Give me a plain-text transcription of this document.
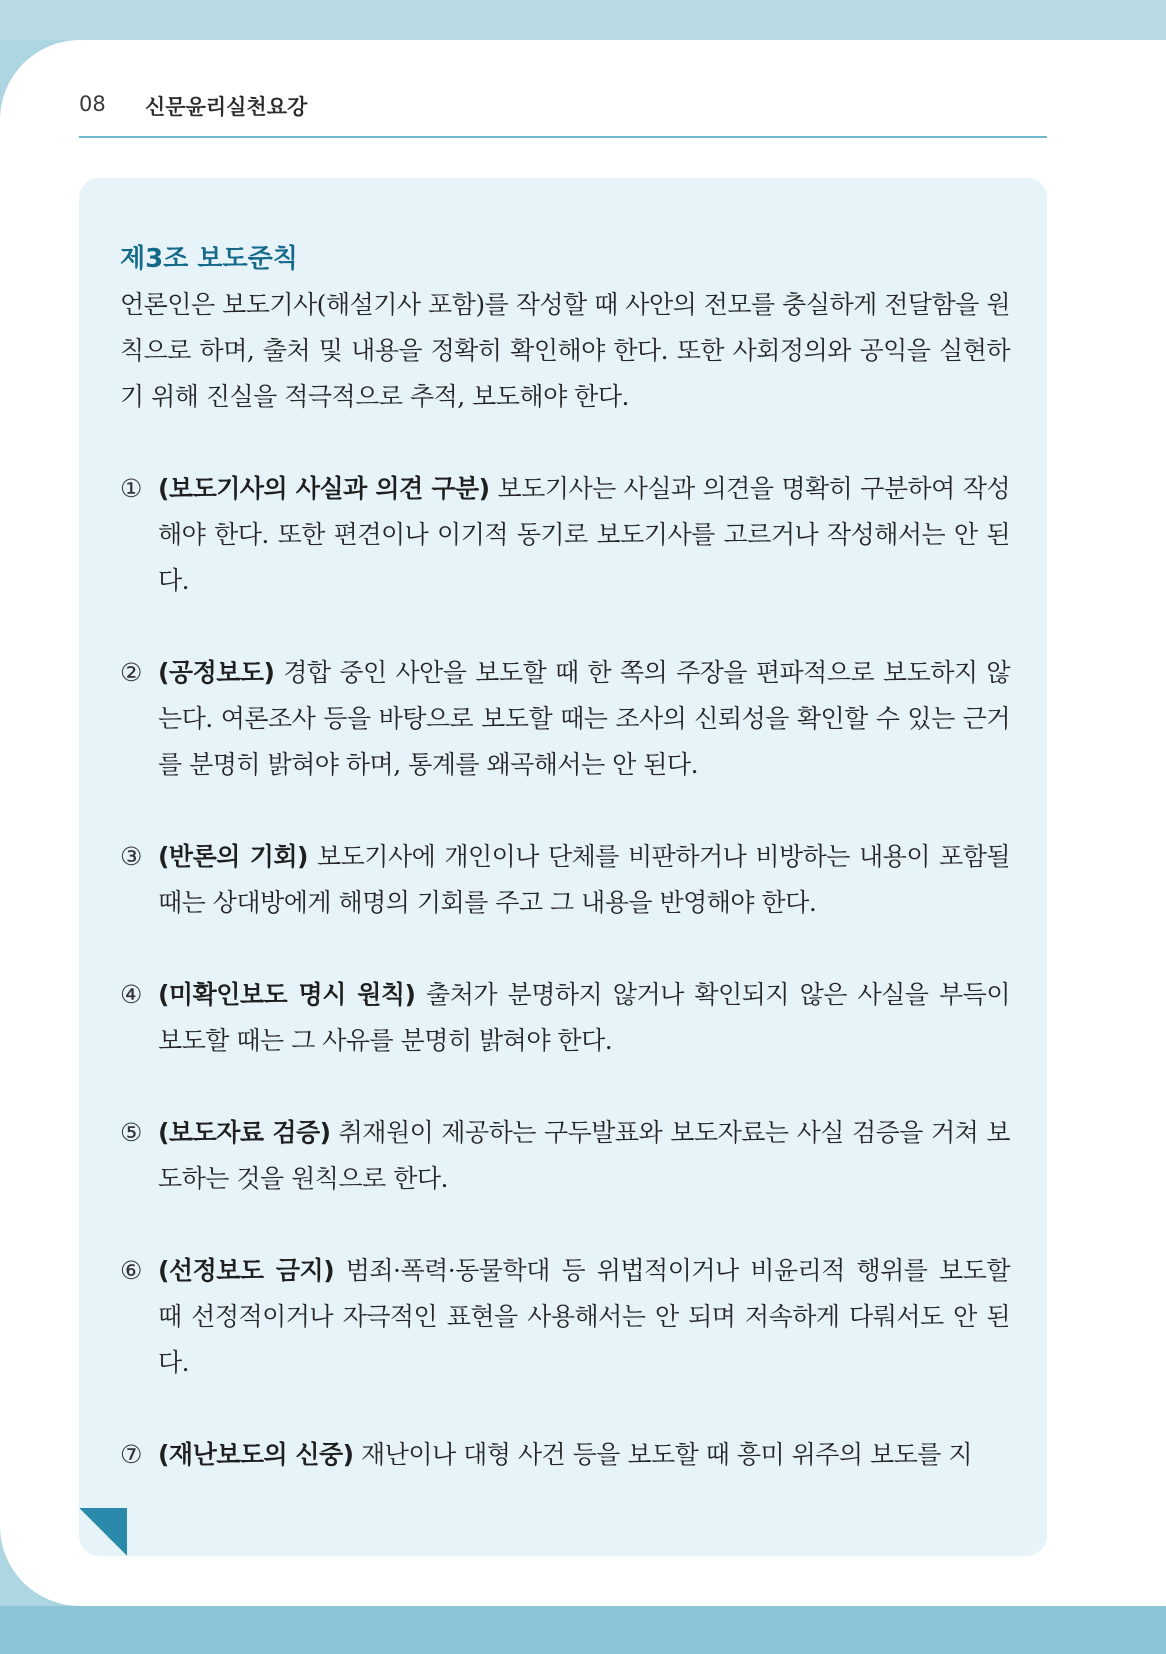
08 신문윤리실천요강
제3조 보도준칙

언론인은 보도기사(해설기사 포함)를 작성할 때 사안의 전모를 충실하게 전달함을 원칙으로 하며, 출처 및 내용을 정확히 확인해야 한다. 또한 사회정의와 공익을 실현하기 위해 진실을 적극적으로 추적, 보도해야 한다.

① (보도기사의 사실과 의견 구분) 보도기사는 사실과 의견을 명확히 구분하여 작성해야 한다. 또한 편견이나 이기적 동기로 보도기사를 고르거나 작성해서는 안 된다.
② (공정보도) 경합 중인 사안을 보도할 때 한 쪽의 주장을 편파적으로 보도하지 않는다. 여론조사 등을 바탕으로 보도할 때는 조사의 신뢰성을 확인할 수 있는 근거를 분명히 밝혀야 하며, 통계를 왜곡해서는 안 된다.
③ (반론의 기회) 보도기사에 개인이나 단체를 비판하거나 비방하는 내용이 포함될 때는 상대방에게 해명의 기회를 주고 그 내용을 반영해야 한다.
④ (미확인보도 명시 원칙) 출처가 분명하지 않거나 확인되지 않은 사실을 부득이 보도할 때는 그 사유를 분명히 밝혀야 한다.
⑤ (보도자료 검증) 취재원이 제공하는 구두발표와 보도자료는 사실 검증을 거쳐 보도하는 것을 원칙으로 한다.
⑥ (선정보도 금지) 범죄·폭력·동물학대 등 위법적이거나 비윤리적 행위를 보도할 때 선정적이거나 자극적인 표현을 사용해서는 안 되며 저속하게 다뤄서도 안 된다.
⑦ (재난보도의 신중) 재난이나 대형 사건 등을 보도할 때 흥미 위주의 보도를 지
